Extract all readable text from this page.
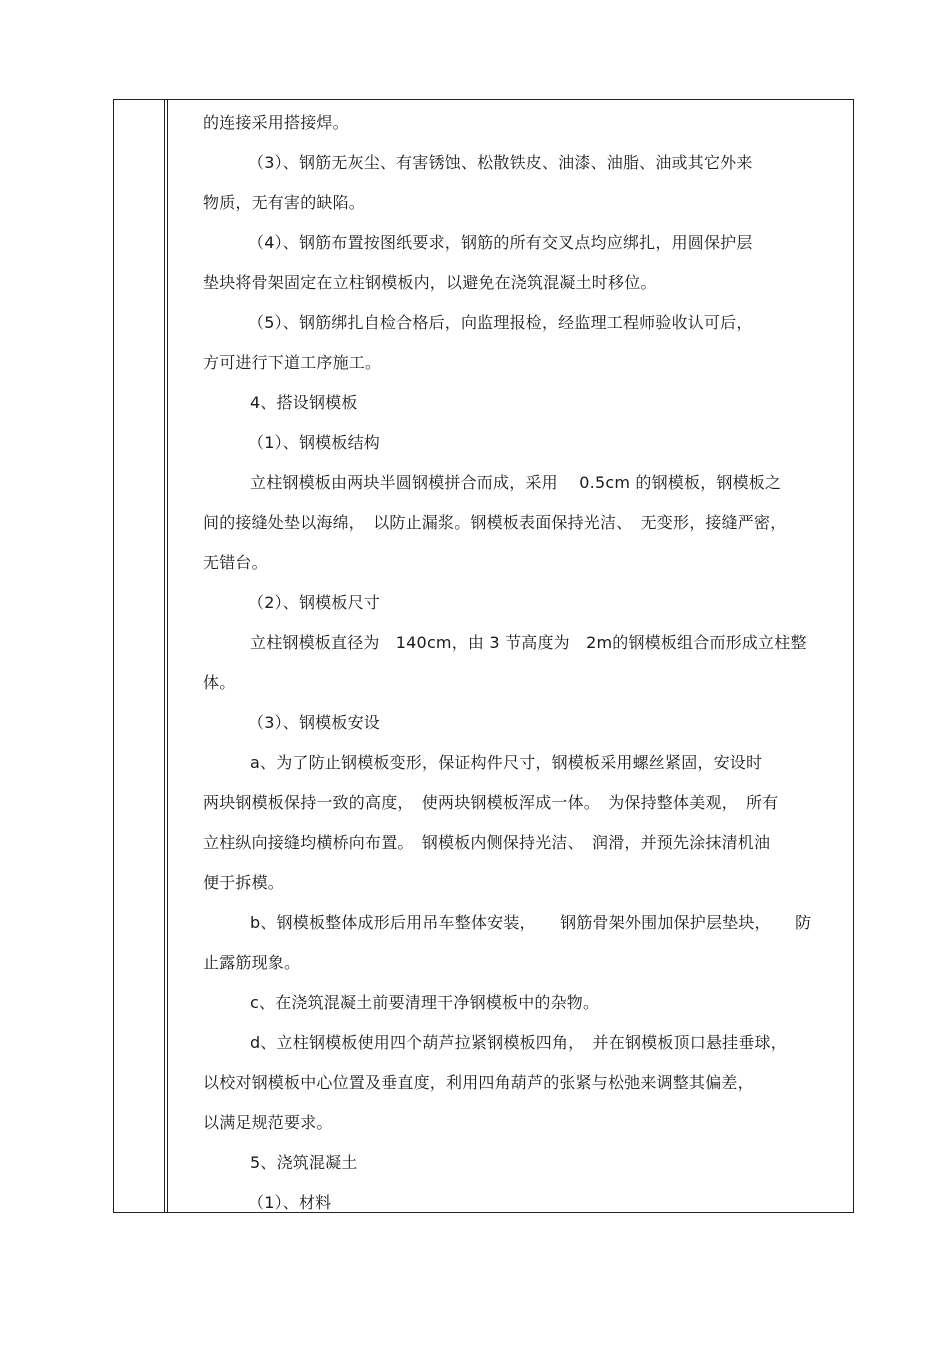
的连接采用搭接焊。
（3）、钢筋无灰尘、有害锈蚀、松散铁皮、油漆、油脂、油或其它外来
物质，无有害的缺陷。
（4）、钢筋布置按图纸要求，钢筋的所有交叉点均应绑扎，用圆保护层
垫块将骨架固定在立柱钢模板内，以避免在浇筑混凝土时移位。
（5）、钢筋绑扎自检合格后，向监理报检，经监理工程师验收认可后，
方可进行下道工序施工。
4、搭设钢模板
（1）、钢模板结构
立柱钢模板由两块半圆钢模拼合而成，采用　 0.5cm 的钢模板，钢模板之
间的接缝处垫以海绵，　以防止漏浆。钢模板表面保持光洁、　无变形，接缝严密，
无错台。
（2）、钢模板尺寸
立柱钢模板直径为　140cm，由 3 节高度为　2m的钢模板组合而形成立柱整
体。
（3）、钢模板安设
a、为了防止钢模板变形，保证构件尺寸，钢模板采用螺丝紧固，安设时
两块钢模板保持一致的高度，　使两块钢模板浑成一体。　为保持整体美观，　所有
立柱纵向接缝均横桥向布置。　钢模板内侧保持光洁、　润滑，并预先涂抹清机油
便于拆模。
b、钢模板整体成形后用吊车整体安装，　　钢筋骨架外围加保护层垫块，　　防
止露筋现象。
c、在浇筑混凝土前要清理干净钢模板中的杂物。
d、立柱钢模板使用四个葫芦拉紧钢模板四角，　并在钢模板顶口悬挂垂球，
以校对钢模板中心位置及垂直度，利用四角葫芦的张紧与松弛来调整其偏差，
以满足规范要求。
5、浇筑混凝土
（1）、材料
